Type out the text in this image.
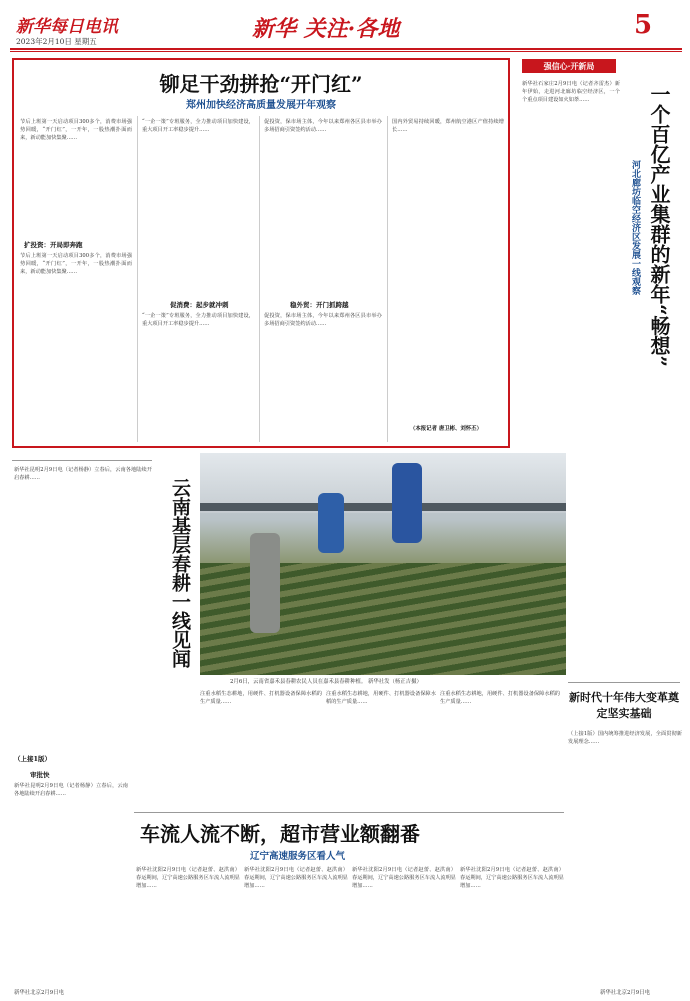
新华每日电讯
2023年2月10日 星期五	新华 关注·各地	5
铆足干劲拼抢“开门红”
郑州加快经济高质量发展开年观察
节后上班第一天启动项目300多个，消费市场强势回暖，“开门红”，一开年，一股热潮扑面而来，新动能加快集聚……
扩投资：开局即奔跑
节后上班第一天启动项目300多个，消费市场强势回暖，“开门红”，一开年，一股热潮扑面而来，新动能加快集聚……
“一企一策”专班服务，全力推动项目加快建设，重大项目开工率稳步提升……
促消费：起步就冲刺
“一企一策”专班服务，全力推动项目加快建设，重大项目开工率稳步提升……
促投资，保市场主体，今年以来郑州各区县市举办多场招商引资签约活动……
稳外贸：开门抓跨越
促投资，保市场主体，今年以来郑州各区县市举办多场招商引资签约活动……
国内外贸易持续回暖，郑州航空港区产值持续增长……
（本报记者 唐卫彬、刘怀丕）
强信心·开新局
一个百亿产业集群的新年“畅想”
河北廊坊临空经济区发展一线观察
新华社石家庄2月9日电（记者齐雷杰）新年伊始，走进河北廊坊临空经济区，一个个重点项目建设如火如荼……
新华社昆明2月9日电（记者杨静）立春后，云南各地陆续开启春耕……
（上接1版）
审批快
新华社昆明2月9日电（记者杨静）立春后，云南各地陆续开启春耕……
新华社北京2月9日电
云南基层春耕一线见闻
2月6日，云南省嘉禾县春耕农民人员在嘉禾县春耕种植。 新华社发（杨正吉摄）
注重水稻生态耕地，用硬件、打机器设备保障水稻的生产质量……
注重水稻生态耕地，用硬件、打机器设备保障水稻的生产质量……
注重水稻生态耕地，用硬件、打机器设备保障水稻的生产质量……	新时代十年伟大变革奠定坚实基础
（上接1版）国内统筹推进经济发展，全面贯彻新发展理念……
新华社北京2月9日电
车流人流不断，超市营业额翻番
辽宁高速服务区看人气
新华社沈阳2月9日电（记者赵蕾、赵洪南）春运期间，辽宁高速公路服务区车流人流明显增加……
新华社沈阳2月9日电（记者赵蕾、赵洪南）春运期间，辽宁高速公路服务区车流人流明显增加……
新华社沈阳2月9日电（记者赵蕾、赵洪南）春运期间，辽宁高速公路服务区车流人流明显增加……
新华社沈阳2月9日电（记者赵蕾、赵洪南）春运期间，辽宁高速公路服务区车流人流明显增加……
